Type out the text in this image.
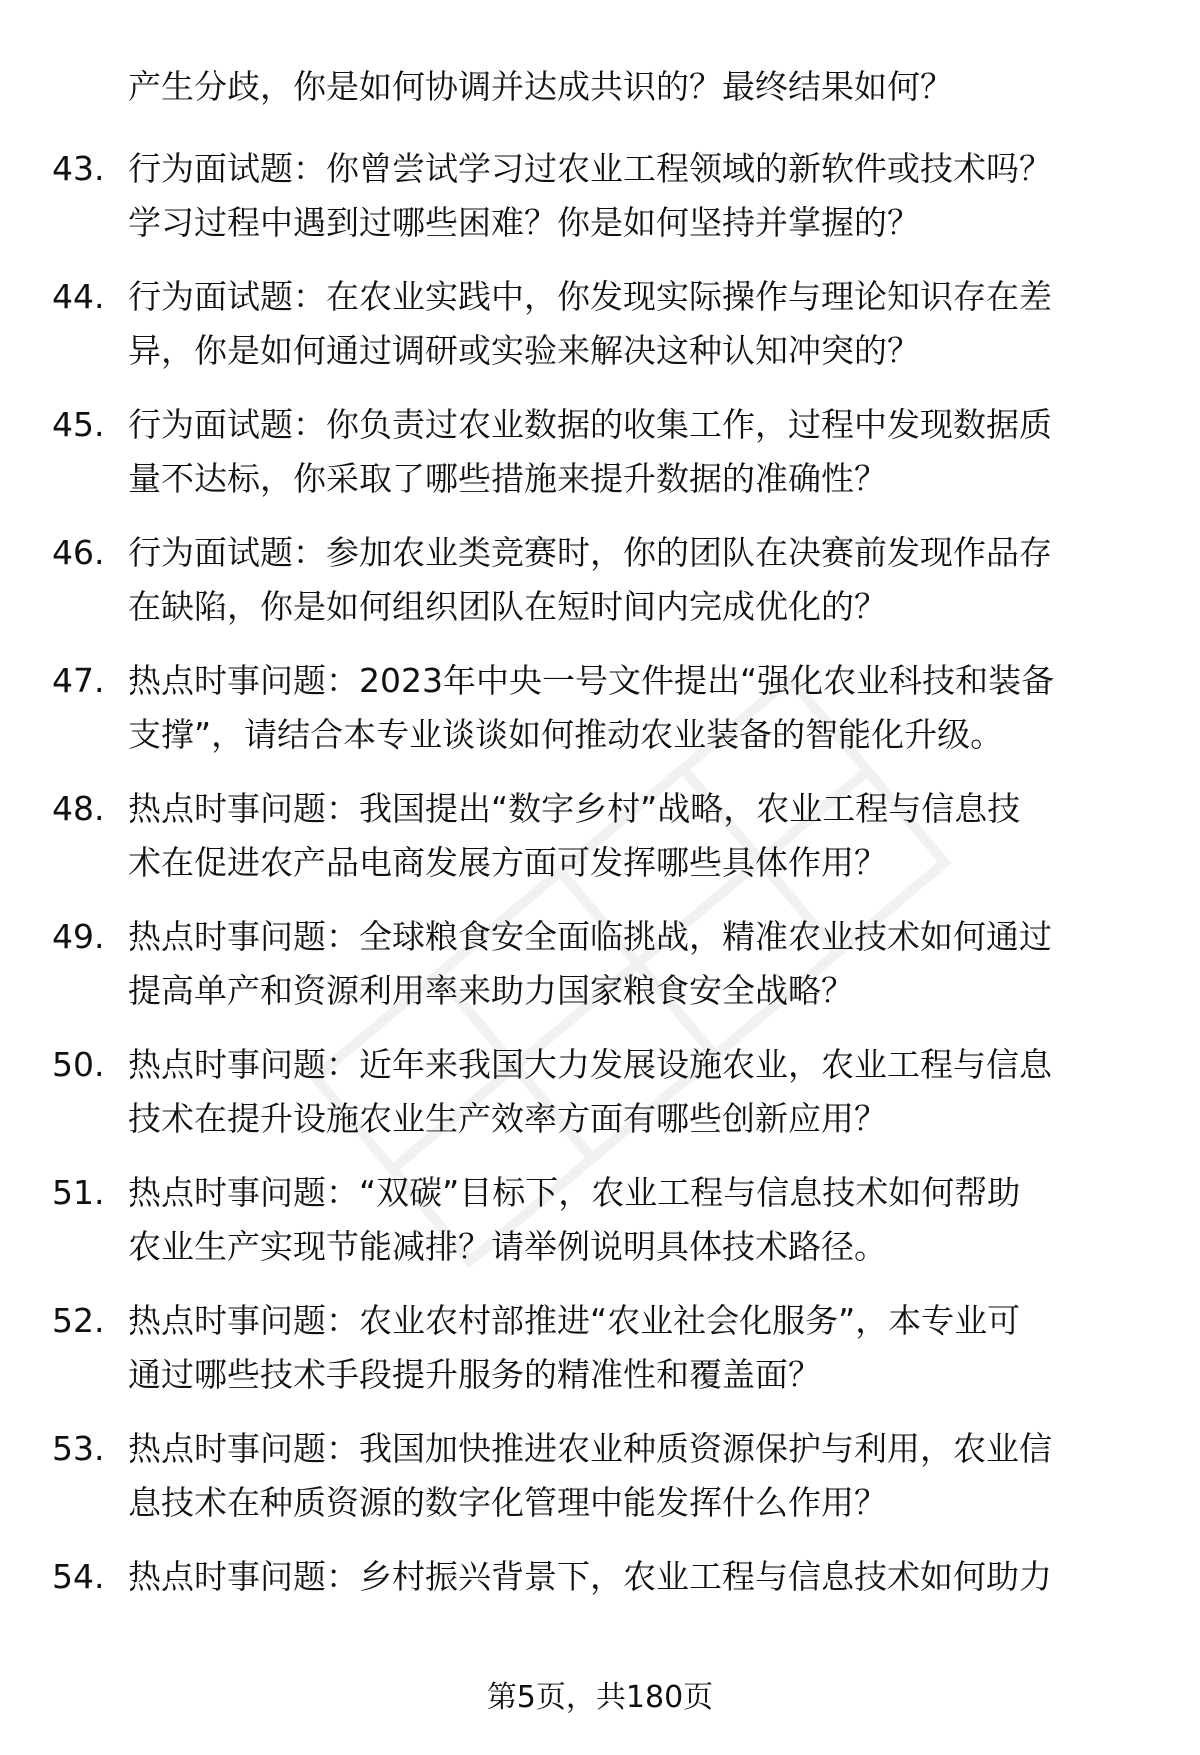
产生分歧，你是如何协调并达成共识的？最终结果如何？
43. 行为面试题：你曾尝试学习过农业工程领域的新软件或技术吗？
学习过程中遇到过哪些困难？你是如何坚持并掌握的？
44. 行为面试题：在农业实践中，你发现实际操作与理论知识存在差
异，你是如何通过调研或实验来解决这种认知冲突的？
45. 行为面试题：你负责过农业数据的收集工作，过程中发现数据质
量不达标，你采取了哪些措施来提升数据的准确性？
46. 行为面试题：参加农业类竞赛时，你的团队在决赛前发现作品存
在缺陷，你是如何组织团队在短时间内完成优化的？
47. 热点时事问题：2023年中央一号文件提出“强化农业科技和装备
支撑”，请结合本专业谈谈如何推动农业装备的智能化升级。
48. 热点时事问题：我国提出“数字乡村”战略，农业工程与信息技
术在促进农产品电商发展方面可发挥哪些具体作用？
49. 热点时事问题：全球粮食安全面临挑战，精准农业技术如何通过
提高单产和资源利用率来助力国家粮食安全战略？
50. 热点时事问题：近年来我国大力发展设施农业，农业工程与信息
技术在提升设施农业生产效率方面有哪些创新应用？
51. 热点时事问题：“双碳”目标下，农业工程与信息技术如何帮助
农业生产实现节能减排？请举例说明具体技术路径。
52. 热点时事问题：农业农村部推进“农业社会化服务”，本专业可
通过哪些技术手段提升服务的精准性和覆盖面？
53. 热点时事问题：我国加快推进农业种质资源保护与利用，农业信
息技术在种质资源的数字化管理中能发挥什么作用？
54. 热点时事问题：乡村振兴背景下，农业工程与信息技术如何助力
第5页，共180页
